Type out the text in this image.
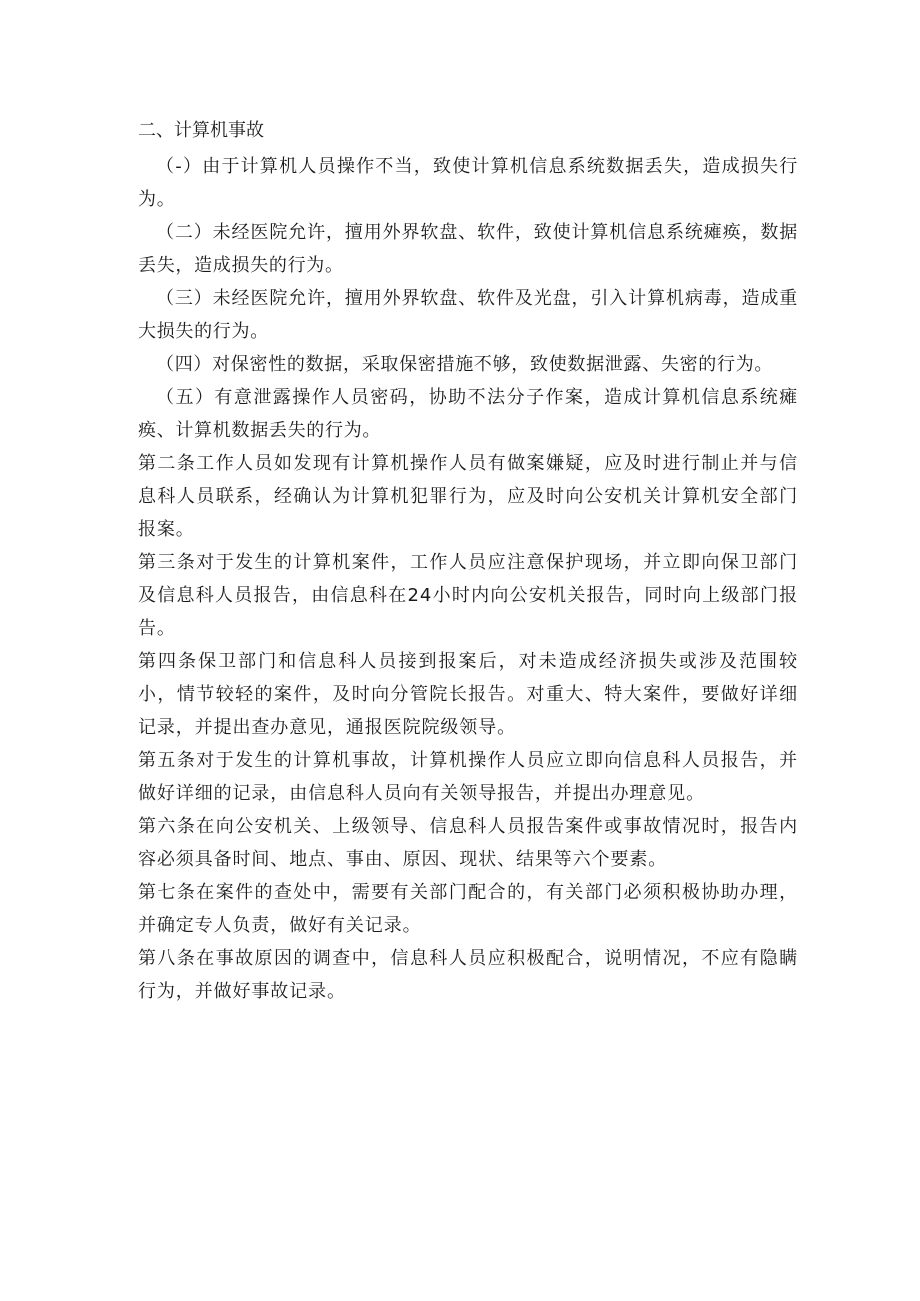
二、计算机事故

（-）由于计算机人员操作不当，致使计算机信息系统数据丢失，造成损失行为。

（二）未经医院允许，擅用外界软盘、软件，致使计算机信息系统瘫痪，数据丢失，造成损失的行为。

（三）未经医院允许，擅用外界软盘、软件及光盘，引入计算机病毒，造成重大损失的行为。

（四）对保密性的数据，采取保密措施不够，致使数据泄露、失密的行为。

（五）有意泄露操作人员密码，协助不法分子作案，造成计算机信息系统瘫痪、计算机数据丢失的行为。

第二条工作人员如发现有计算机操作人员有做案嫌疑，应及时进行制止并与信息科人员联系，经确认为计算机犯罪行为，应及时向公安机关计算机安全部门报案。

第三条对于发生的计算机案件，工作人员应注意保护现场，并立即向保卫部门及信息科人员报告，由信息科在24小时内向公安机关报告，同时向上级部门报告。

第四条保卫部门和信息科人员接到报案后，对未造成经济损失或涉及范围较小，情节较轻的案件，及时向分管院长报告。对重大、特大案件，要做好详细记录，并提出查办意见，通报医院院级领导。

第五条对于发生的计算机事故，计算机操作人员应立即向信息科人员报告，并做好详细的记录，由信息科人员向有关领导报告，并提出办理意见。

第六条在向公安机关、上级领导、信息科人员报告案件或事故情况时，报告内容必须具备时间、地点、事由、原因、现状、结果等六个要素。

第七条在案件的查处中，需要有关部门配合的，有关部门必须积极协助办理，并确定专人负责，做好有关记录。

第八条在事故原因的调查中，信息科人员应积极配合，说明情况，不应有隐瞒行为，并做好事故记录。
